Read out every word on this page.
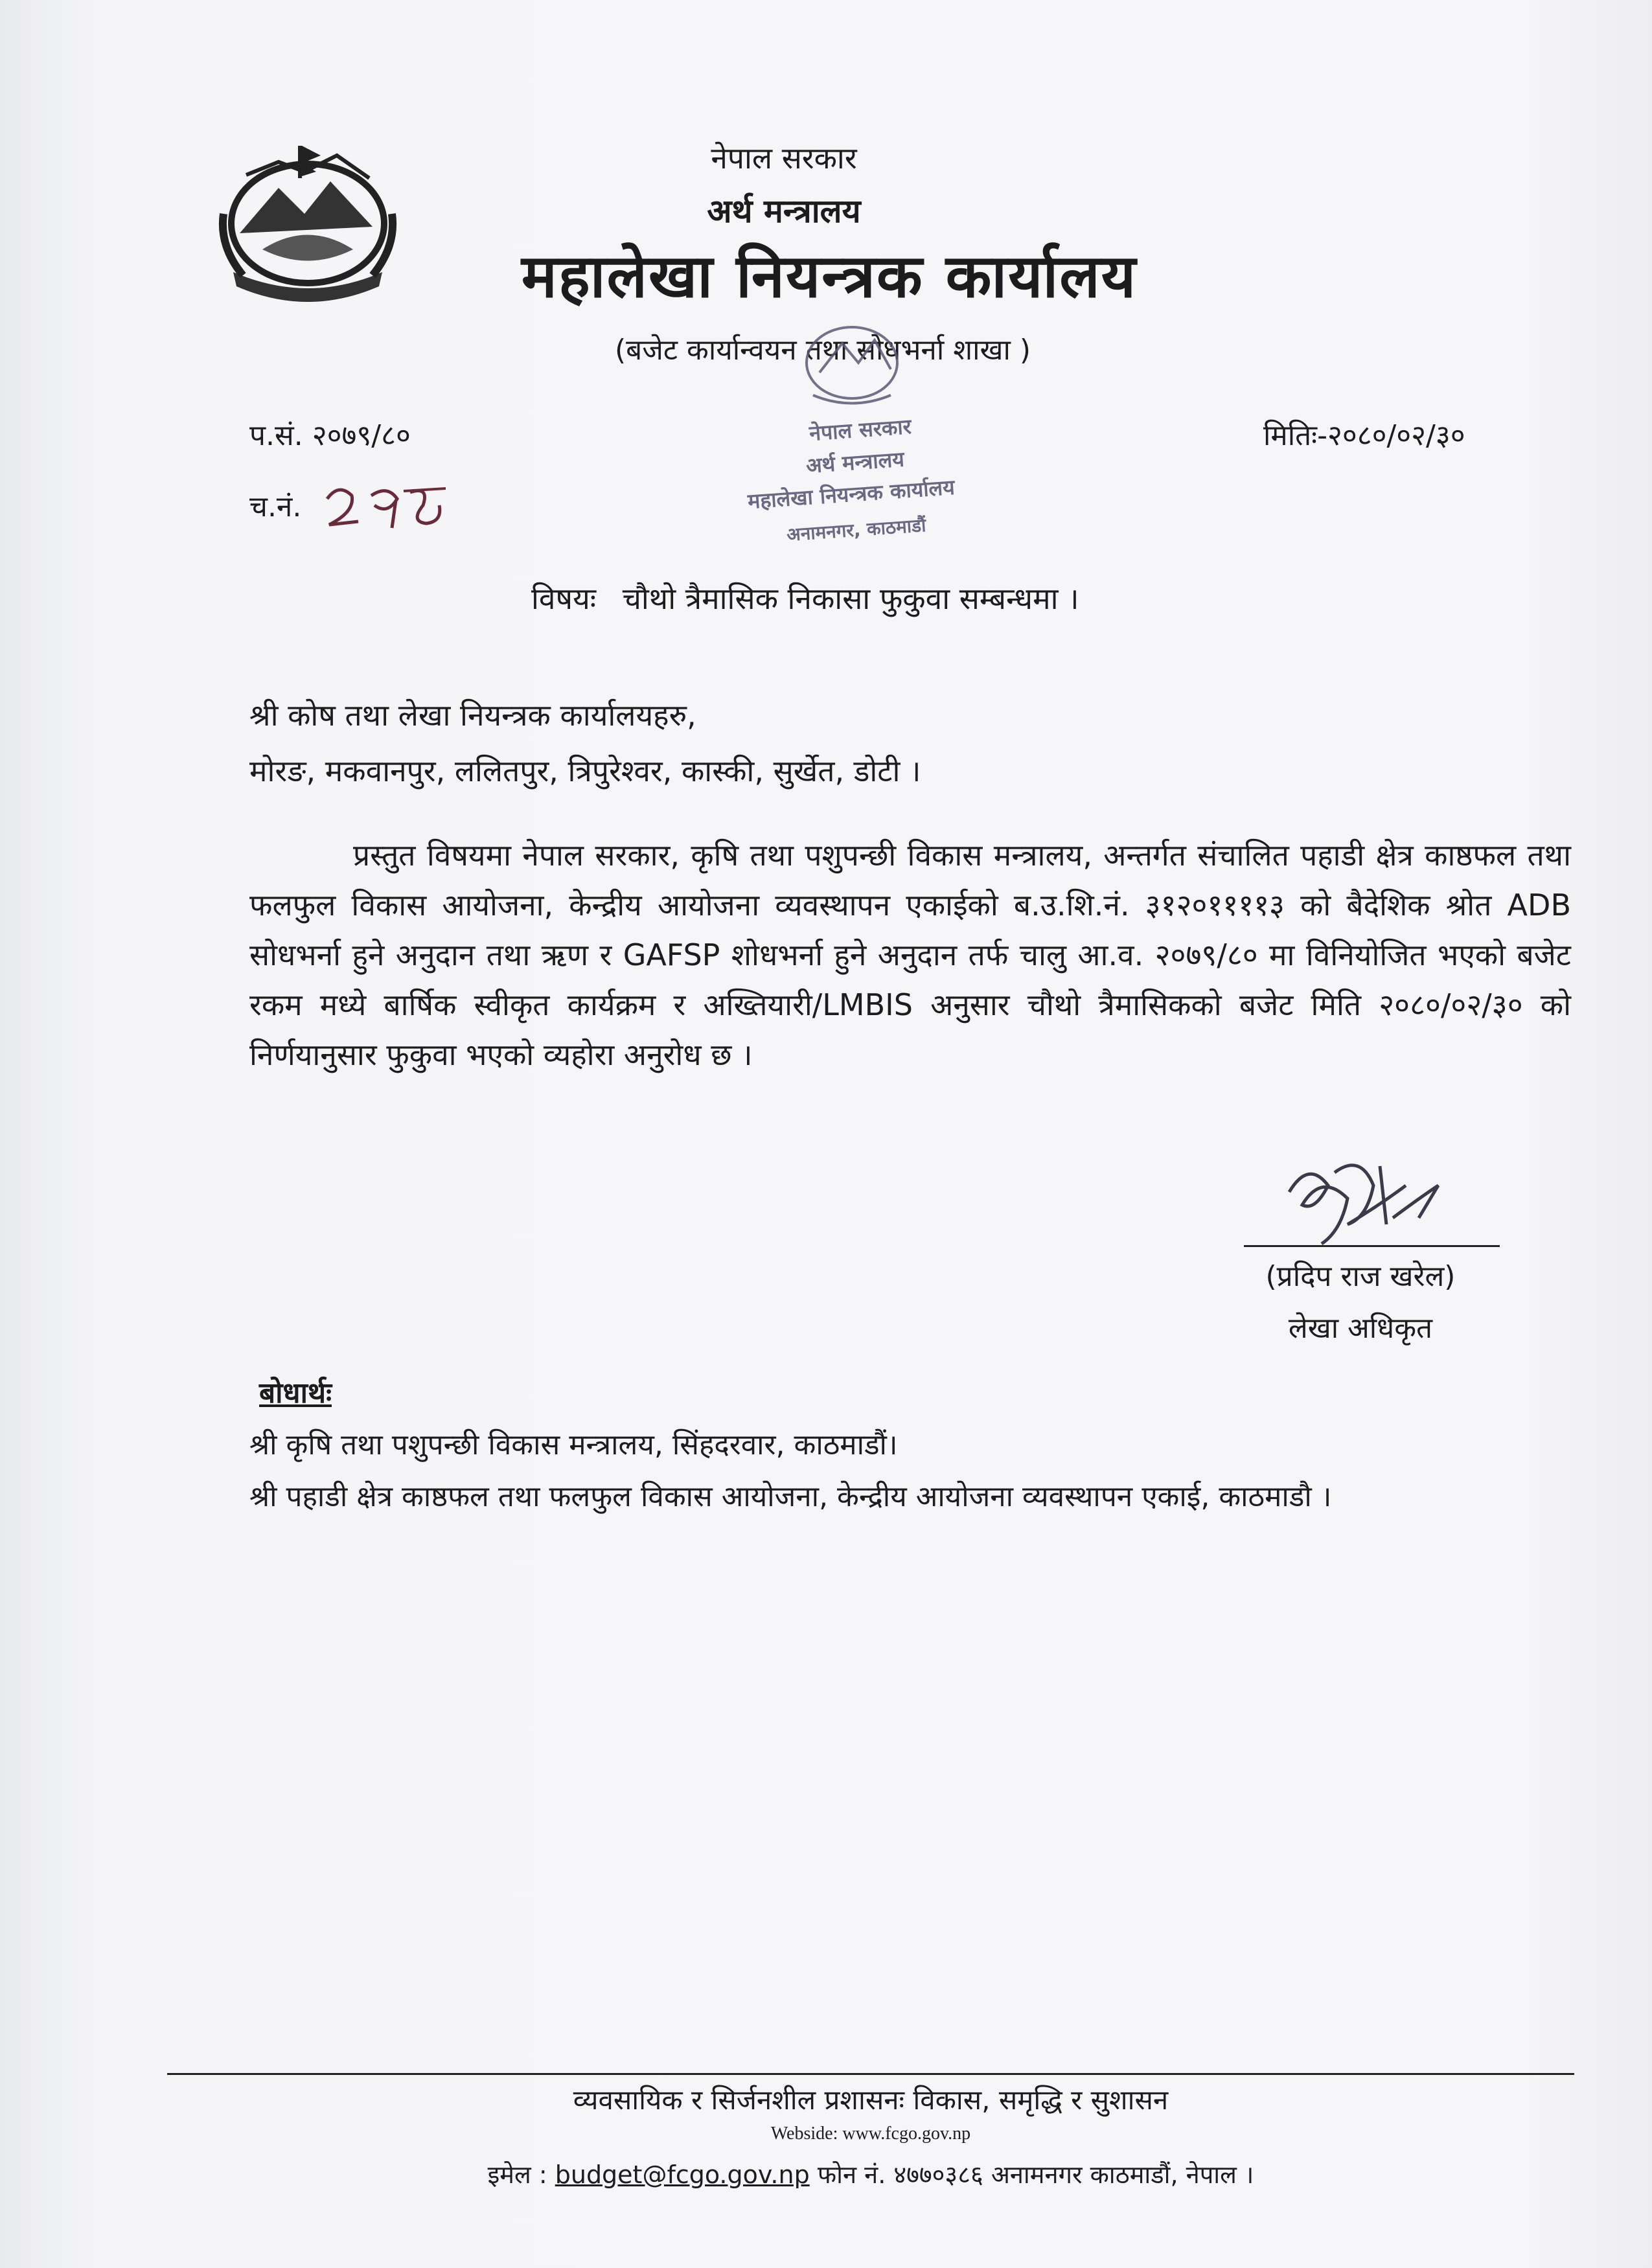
नेपाल सरकार
अर्थ मन्त्रालय
महालेखा नियन्त्रक कार्यालय
(बजेट कार्यान्वयन तथा सोधभर्ना शाखा )
नेपाल सरकार
अर्थ मन्त्रालय
महालेखा नियन्त्रक कार्यालय
अनामनगर, काठमाडौं
प.सं. २०७९/८०
च.नं.
मितिः-२०८०/०२/३०
विषयः चौथो त्रैमासिक निकासा फुकुवा सम्बन्धमा ।
श्री कोष तथा लेखा नियन्त्रक कार्यालयहरु,
मोरङ, मकवानपुर, ललितपुर, त्रिपुरेश्वर, कास्की, सुर्खेत, डोटी ।
प्रस्तुत विषयमा नेपाल सरकार, कृषि तथा पशुपन्छी विकास मन्त्रालय, अन्तर्गत संचालित पहाडी क्षेत्र काष्ठफल तथा फलफुल विकास आयोजना, केन्द्रीय आयोजना व्यवस्थापन एकाईको ब.उ.शि.नं. ३१२०११११३ को बैदेशिक श्रोत ADB सोधभर्ना हुने अनुदान तथा ऋण र GAFSP शोधभर्ना हुने अनुदान तर्फ चालु आ.व. २०७९/८० मा विनियोजित भएको बजेट रकम मध्ये बार्षिक स्वीकृत कार्यक्रम र अख्तियारी/LMBIS अनुसार चौथो त्रैमासिकको बजेट मिति २०८०/०२/३० को निर्णयानुसार फुकुवा भएको व्यहोरा अनुरोध छ ।
(प्रदिप राज खरेल)
लेखा अधिकृत
बोधार्थः
श्री कृषि तथा पशुपन्छी विकास मन्त्रालय, सिंहदरवार, काठमाडौं।
श्री पहाडी क्षेत्र काष्ठफल तथा फलफुल विकास आयोजना, केन्द्रीय आयोजना व्यवस्थापन एकाई, काठमाडौ ।
व्यवसायिक र सिर्जनशील प्रशासनः विकास, समृद्धि र सुशासन
Webside: www.fcgo.gov.np
इमेल : budget@fcgo.gov.np फोन नं. ४७७०३८६ अनामनगर काठमाडौं, नेपाल ।
